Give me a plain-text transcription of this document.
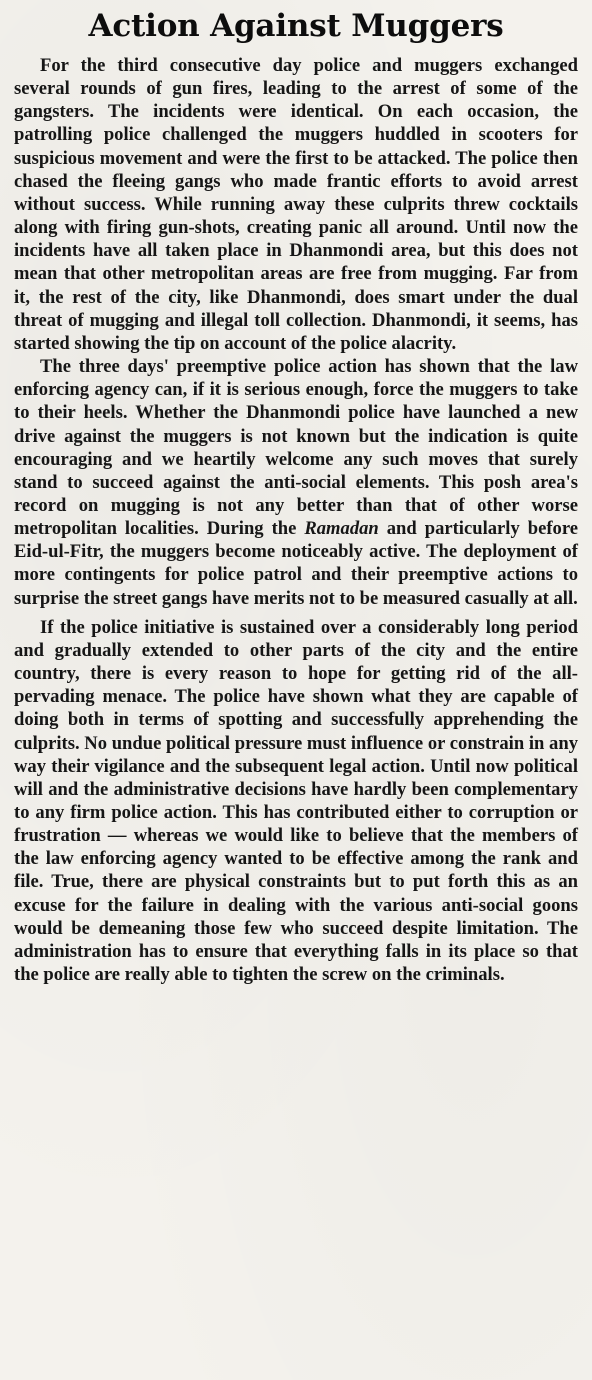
Action Against Muggers

For the third consecutive day police and muggers exchanged several rounds of gun fires, leading to the arrest of some of the gangsters. The incidents were identical. On each occasion, the patrolling police challenged the muggers huddled in scooters for suspicious movement and were the first to be attacked. The police then chased the fleeing gangs who made frantic efforts to avoid arrest without success. While running away these culprits threw cocktails along with firing gun-shots, creating panic all around. Until now the incidents have all taken place in Dhanmondi area, but this does not mean that other metropolitan areas are free from mugging. Far from it, the rest of the city, like Dhanmondi, does smart under the dual threat of mugging and illegal toll collection. Dhanmondi, it seems, has started showing the tip on account of the police alacrity.

The three days' preemptive police action has shown that the law enforcing agency can, if it is serious enough, force the muggers to take to their heels. Whether the Dhanmondi police have launched a new drive against the muggers is not known but the indication is quite encouraging and we heartily welcome any such moves that surely stand to succeed against the anti-social elements. This posh area's record on mugging is not any better than that of other worse metropolitan localities. During the Ramadan and particularly before Eid-ul-Fitr, the muggers become noticeably active. The deployment of more contingents for police patrol and their preemptive actions to surprise the street gangs have merits not to be measured casually at all.

If the police initiative is sustained over a considerably long period and gradually extended to other parts of the city and the entire country, there is every reason to hope for getting rid of the all-pervading menace. The police have shown what they are capable of doing both in terms of spotting and successfully apprehending the culprits. No undue political pressure must influence or constrain in any way their vigilance and the subsequent legal action. Until now political will and the administrative decisions have hardly been complementary to any firm police action. This has contributed either to corruption or frustration — whereas we would like to believe that the members of the law enforcing agency wanted to be effective among the rank and file. True, there are physical constraints but to put forth this as an excuse for the failure in dealing with the various anti-social goons would be demeaning those few who succeed despite limitation. The administration has to ensure that everything falls in its place so that the police are really able to tighten the screw on the criminals.
